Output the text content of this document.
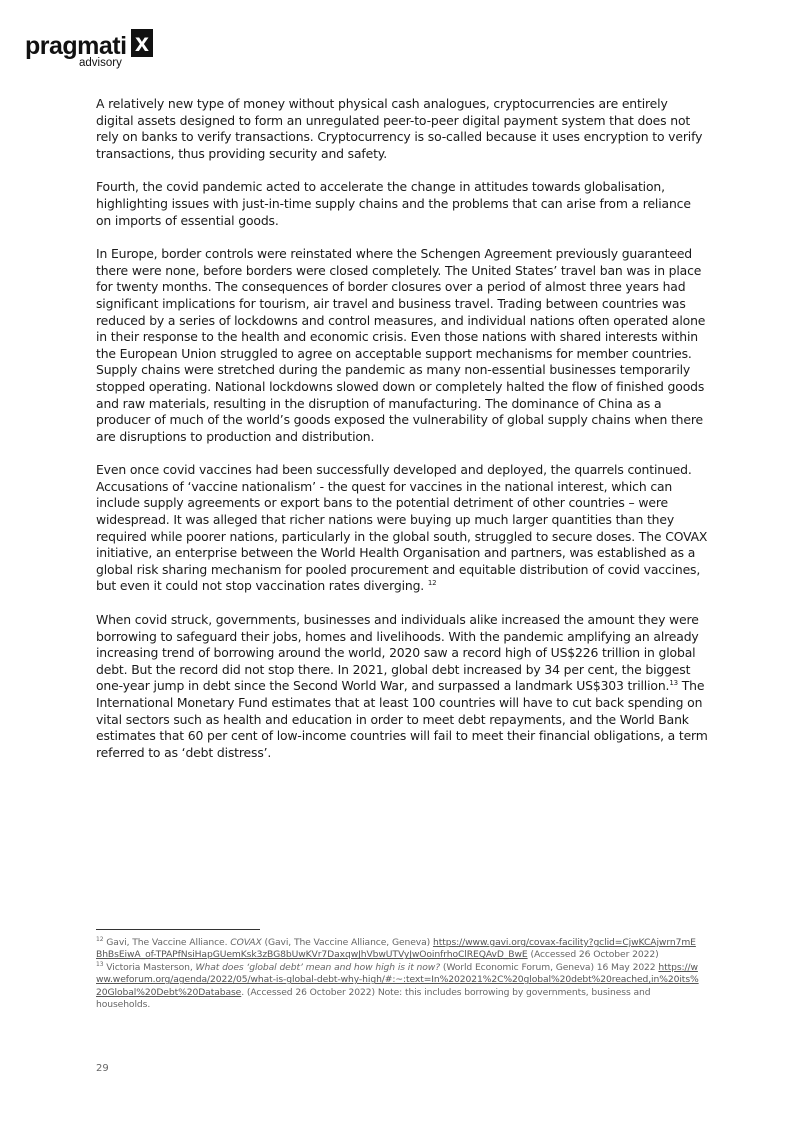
pragmati x
advisory

A relatively new type of money without physical cash analogues, cryptocurrencies are entirely digital assets designed to form an unregulated peer-to-peer digital payment system that does not rely on banks to verify transactions. Cryptocurrency is so-called because it uses encryption to verify transactions, thus providing security and safety.

Fourth, the covid pandemic acted to accelerate the change in attitudes towards globalisation, highlighting issues with just-in-time supply chains and the problems that can arise from a reliance on imports of essential goods.

In Europe, border controls were reinstated where the Schengen Agreement previously guaranteed there were none, before borders were closed completely. The United States’ travel ban was in place for twenty months. The consequences of border closures over a period of almost three years had significant implications for tourism, air travel and business travel. Trading between countries was reduced by a series of lockdowns and control measures, and individual nations often operated alone in their response to the health and economic crisis. Even those nations with shared interests within the European Union struggled to agree on acceptable support mechanisms for member countries. Supply chains were stretched during the pandemic as many non-essential businesses temporarily stopped operating. National lockdowns slowed down or completely halted the flow of finished goods and raw materials, resulting in the disruption of manufacturing. The dominance of China as a producer of much of the world’s goods exposed the vulnerability of global supply chains when there are disruptions to production and distribution.

Even once covid vaccines had been successfully developed and deployed, the quarrels continued. Accusations of ‘vaccine nationalism’ - the quest for vaccines in the national interest, which can include supply agreements or export bans to the potential detriment of other countries – were widespread. It was alleged that richer nations were buying up much larger quantities than they required while poorer nations, particularly in the global south, struggled to secure doses. The COVAX initiative, an enterprise between the World Health Organisation and partners, was established as a global risk sharing mechanism for pooled procurement and equitable distribution of covid vaccines, but even it could not stop vaccination rates diverging. $^{12}$

When covid struck, governments, businesses and individuals alike increased the amount they were borrowing to safeguard their jobs, homes and livelihoods. With the pandemic amplifying an already increasing trend of borrowing around the world, 2020 saw a record high of US$226 trillion in global debt. But the record did not stop there. In 2021, global debt increased by 34 per cent, the biggest one-year jump in debt since the Second World War, and surpassed a landmark US$303 trillion.$^{13}$ The International Monetary Fund estimates that at least 100 countries will have to cut back spending on vital sectors such as health and education in order to meet debt repayments, and the World Bank estimates that 60 per cent of low-income countries will fail to meet their financial obligations, a term referred to as ‘debt distress’.

$^{12}$ Gavi, The Vaccine Alliance. COVAX (Gavi, The Vaccine Alliance, Geneva) https://www.gavi.org/covax-facility?gclid=CjwKCAjwrn7mEBhBsEiwA_of-TPAPfNsiHapGUemKsk3zBG8bUwKVr7DaxqwJhVbwUTVyJwOoinfrhoClREQAvD_BwE (Accessed 26 October 2022)

$^{13}$ Victoria Masterson, What does ‘global debt’ mean and how high is it now? (World Economic Forum, Geneva) 16 May 2022 https://www.weforum.org/agenda/2022/05/what-is-global-debt-why-high/#:~:text=In%202021%2C%20global%20debt%20reached,in%20its%20Global%20Debt%20Database. (Accessed 26 October 2022) Note: this includes borrowing by governments, business and households.

29
